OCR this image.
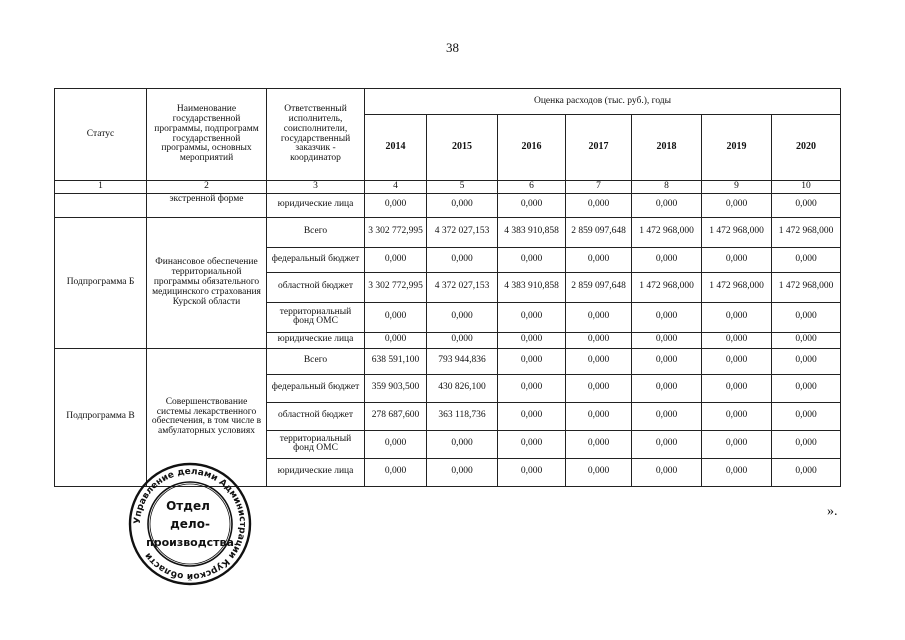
38
Статус	Наименование государственной программы, подпрограмм государственной программы, основных мероприятий	Ответственный исполнитель, соисполнители, государственный заказчик - координатор	Оценка расходов (тыс. руб.), годы						
			2014	2015	2016	2017	2018	2019	2020
1	2	3	4	5	6	7	8	9	10
	экстренной форме	юридические лица	0,000	0,000	0,000	0,000	0,000	0,000	0,000
Подпрограмма Б	Финансовое обеспечение территориальной программы обязательного медицинского страхования Курской области	Всего	3 302 772,995	4 372 027,153	4 383 910,858	2 859 097,648	1 472 968,000	1 472 968,000	1 472 968,000
		федеральный бюджет	0,000	0,000	0,000	0,000	0,000	0,000	0,000
		областной бюджет	3 302 772,995	4 372 027,153	4 383 910,858	2 859 097,648	1 472 968,000	1 472 968,000	1 472 968,000
		территориальный фонд ОМС	0,000	0,000	0,000	0,000	0,000	0,000	0,000
		юридические лица	0,000	0,000	0,000	0,000	0,000	0,000	0,000
Подпрограмма В	Совершенствование системы лекарственного обеспечения, в том числе в амбулаторных условиях	Всего	638 591,100	793 944,836	0,000	0,000	0,000	0,000	0,000
		федеральный бюджет	359 903,500	430 826,100	0,000	0,000	0,000	0,000	0,000
		областной бюджет	278 687,600	363 118,736	0,000	0,000	0,000	0,000	0,000
		территориальный фонд ОМС	0,000	0,000	0,000	0,000	0,000	0,000	0,000
		юридические лица	0,000	0,000	0,000	0,000	0,000	0,000	0,000
».
Управление делами Администрации Курской области
Отдел
дело-
производства
